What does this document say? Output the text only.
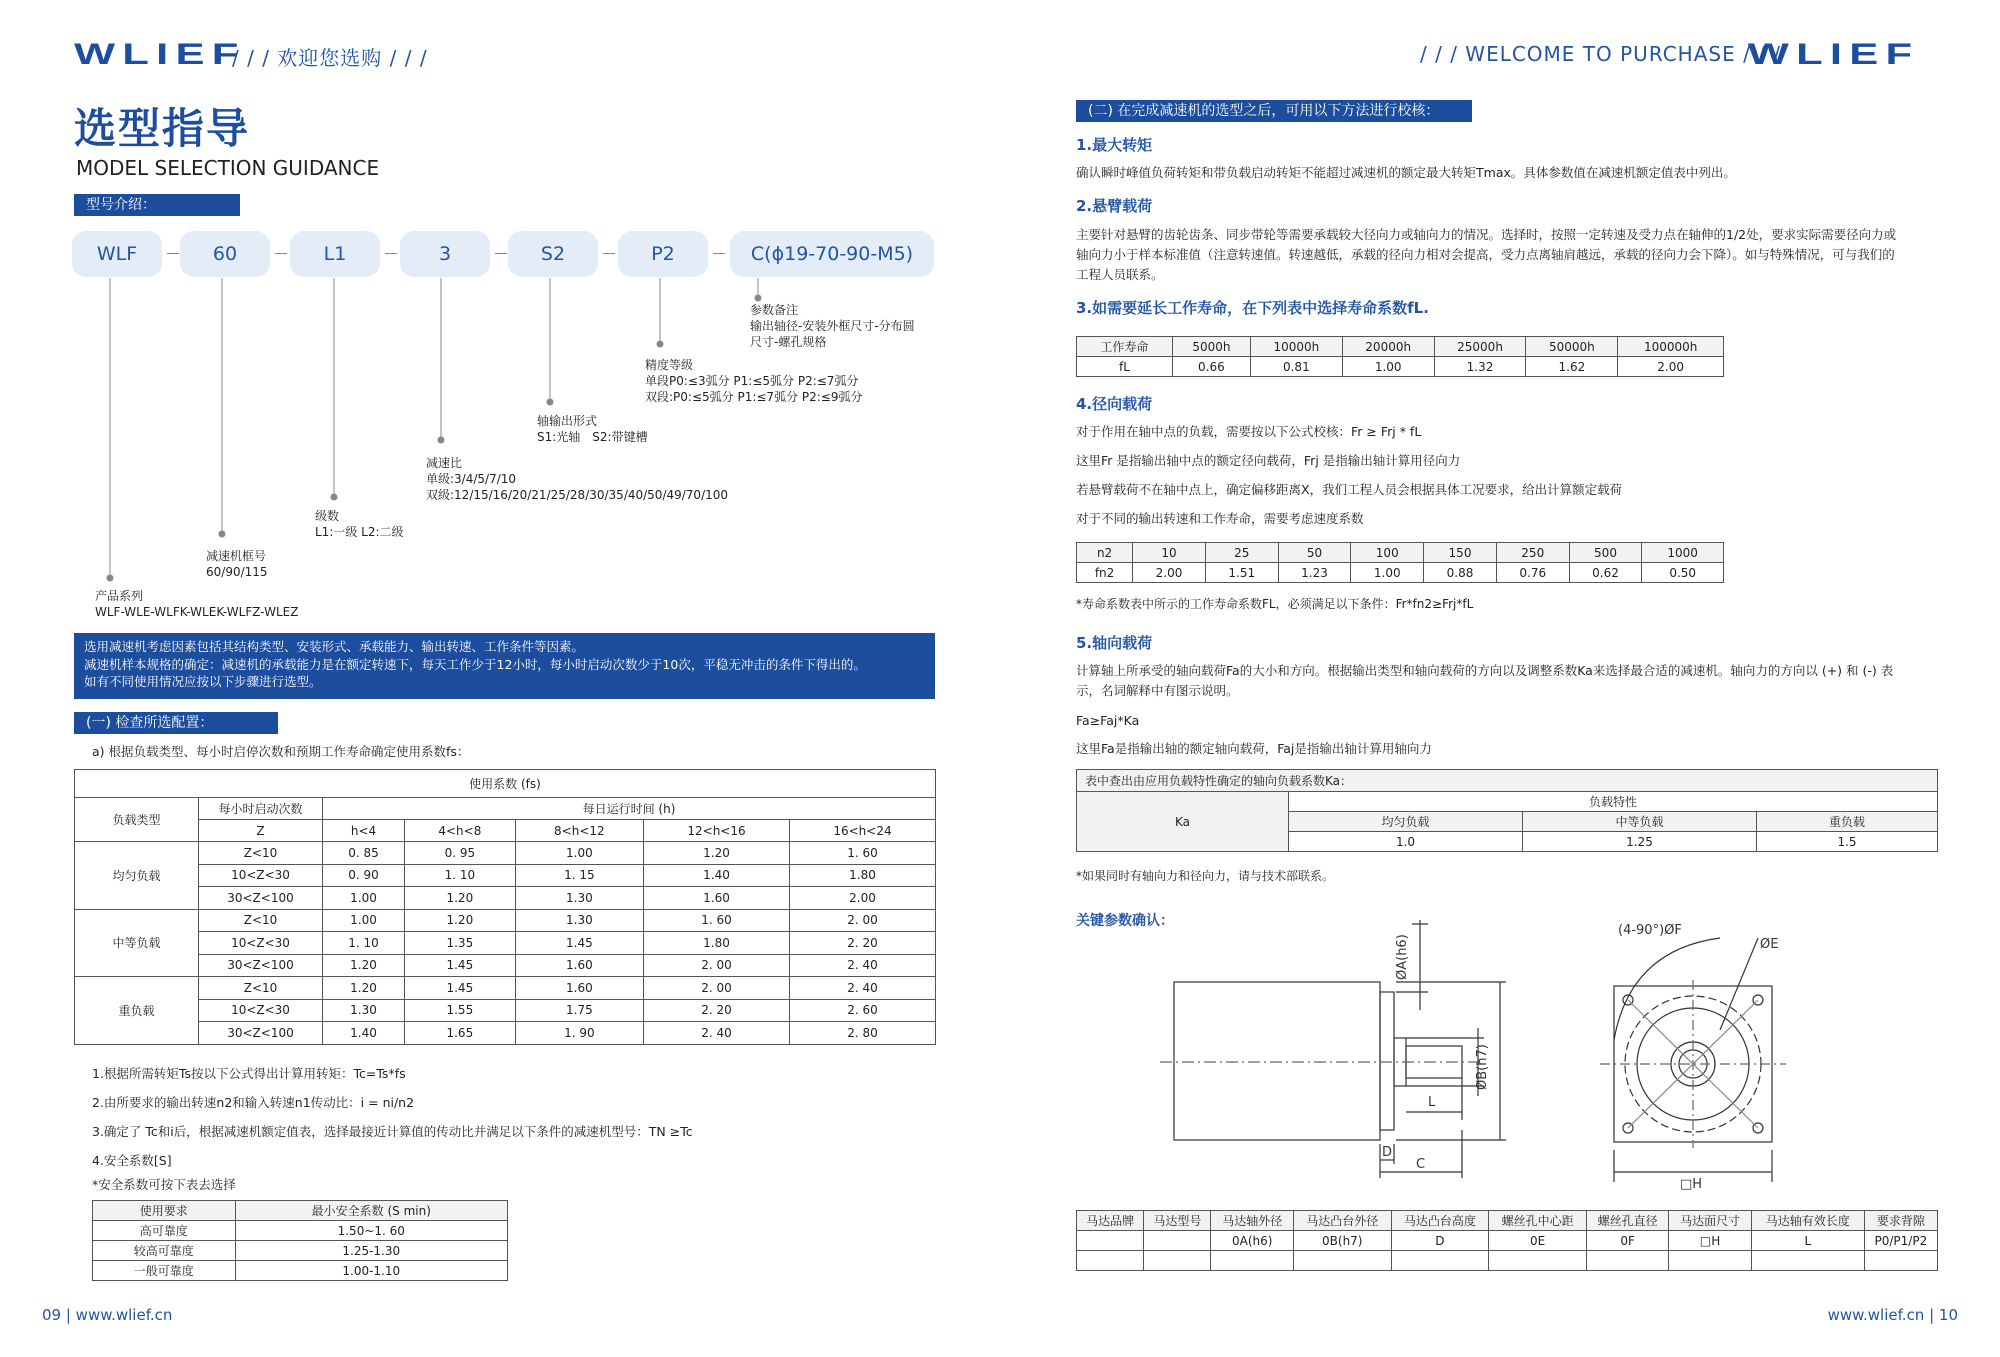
WLIEF
/ / / 欢迎您选购 / / /	/ / / WELCOME TO PURCHASE / / /
WLIEF
选型指导
MODEL SELECTION GUIDANCE
型号介绍：
WLF	60	L1	3	S2	P2	C(ɸ19-70-90-M5)
参数备注
输出轴径-安装外框尺寸-分布圆
尺寸-螺孔规格
精度等级
单段P0:≤3弧分 P1:≤5弧分 P2:≤7弧分
双段:P0:≤5弧分 P1:≤7弧分 P2:≤9弧分
轴输出形式
S1:光轴　S2:带键槽
减速比
单级:3/4/5/7/10
双级:12/15/16/20/21/25/28/30/35/40/50/49/70/100
级数
L1:一级 L2:二级
减速机框号
60/90/115
产品系列
WLF-WLE-WLFK-WLEK-WLFZ-WLEZ
选用减速机考虑因素包括其结构类型、安装形式、承载能力、输出转速、工作条件等因素。
减速机样本规格的确定：减速机的承载能力是在额定转速下，每天工作少于12小时，每小时启动次数少于10次，平稳无冲击的条件下得出的。
如有不同使用情况应按以下步骤进行选型。
(一) 检查所选配置：
a) 根据负载类型、每小时启停次数和预期工作寿命确定使用系数fs：
使用系数 (fs)						
负载类型	每小时启动次数	每日运行时间 (h)				
	Z	h<4	4<h<8	8<h<12	12<h<16	16<h<24
均匀负载	Z<10	0. 85	0. 95	1.00	1.20	1. 60
	10<Z<30	0. 90	1. 10	1. 15	1.40	1.80
	30<Z<100	1.00	1.20	1.30	1.60	2.00
中等负载	Z<10	1.00	1.20	1.30	1. 60	2. 00
	10<Z<30	1. 10	1.35	1.45	1.80	2. 20
	30<Z<100	1.20	1.45	1.60	2. 00	2. 40
重负载	Z<10	1.20	1.45	1.60	2. 00	2. 40
	10<Z<30	1.30	1.55	1.75	2. 20	2. 60
	30<Z<100	1.40	1.65	1. 90	2. 40	2. 80
1.根据所需转矩Ts按以下公式得出计算用转矩：Tc=Ts*fs
2.由所要求的输出转速n2和输入转速n1传动比：i = ni/n2
3.确定了 Tc和i后，根据减速机额定值表，选择最接近计算值的传动比并满足以下条件的减速机型号：TN ≥Tc
4.安全系数[S]
*安全系数可按下表去选择
使用要求	最小安全系数 (S min)
高可靠度	1.50~1. 60
较高可靠度	1.25-1.30
一般可靠度	1.00-1.10
09 | www.wlief.cn
(二) 在完成减速机的选型之后，可用以下方法进行校核：
1.最大转矩
确认瞬时峰值负荷转矩和带负载启动转矩不能超过减速机的额定最大转矩Tmax。具体参数值在减速机额定值表中列出。
2.悬臂载荷
主要针对悬臂的齿轮齿条、同步带轮等需要承载较大径向力或轴向力的情况。选择时，按照一定转速及受力点在轴伸的1/2处，要求实际需要径向力或
轴向力小于样本标准值（注意转速值。转速越低，承载的径向力相对会提高，受力点离轴肩越远，承载的径向力会下降）。如与特殊情况，可与我们的
工程人员联系。
3.如需要延长工作寿命，在下列表中选择寿命系数fL.
工作寿命	5000h	10000h	20000h	25000h	50000h	100000h
fL	0.66	0.81	1.00	1.32	1.62	2.00
4.径向载荷
对于作用在轴中点的负载，需要按以下公式校核：Fr ≥ Frj * fL
这里Fr 是指输出轴中点的额定径向载荷，Frj 是指输出轴计算用径向力
若悬臂载荷不在轴中点上，确定偏移距离X，我们工程人员会根据具体工况要求，给出计算额定载荷
对于不同的输出转速和工作寿命，需要考虑速度系数
n2	10	25	50	100	150	250	500	1000
fn2	2.00	1.51	1.23	1.00	0.88	0.76	0.62	0.50
*寿命系数表中所示的工作寿命系数FL，必须满足以下条件：Fr*fn2≥Frj*fL
5.轴向载荷
计算轴上所承受的轴向载荷Fa的大小和方向。根据输出类型和轴向载荷的方向以及调整系数Ka来选择最合适的减速机。轴向力的方向以 (+) 和 (-) 表
示，名词解释中有图示说明。
Fa≥Faj*Ka
这里Fa是指输出轴的额定轴向载荷，Faj是指输出轴计算用轴向力
表中查出由应用负载特性确定的轴向负载系数Ka：			
Ka	负载特性		
	均匀负载	中等负载	重负载
	1.0	1.25	1.5
*如果同时有轴向力和径向力，请与技术部联系。
关键参数确认：
ØA(h6)
ØB(h7)
L
D
C
(4-90°)ØF
ØE
□H
马达品牌	马达型号	马达轴外径	马达凸台外径	马达凸台高度	螺丝孔中心距	螺丝孔直径	马达面尺寸	马达轴有效长度	要求背隙
		0A(h6)	0B(h7)	D	0E	0F	□H	L	P0/P1/P2

www.wlief.cn | 10
